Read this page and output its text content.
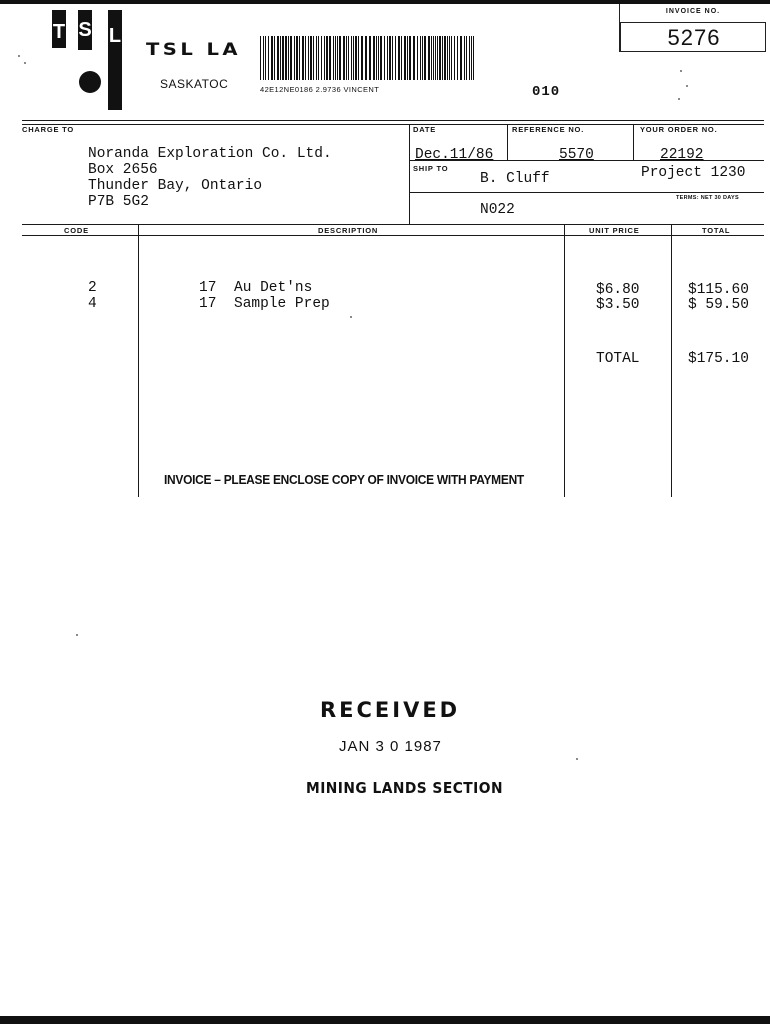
T S L
TSL LA
SASKATOC	42E12NE0186 2.9736 VINCENT	010
INVOICE NO.
5276
CHARGE TO	DATE	REFERENCE NO.	YOUR ORDER NO.
SHIP TO
TERMS: NET 30 DAYS
Noranda Exploration Co. Ltd.
Box 2656
Thunder Bay, Ontario
P7B 5G2
Dec.11/86	5570	22192
B. Cluff	Project 1230
N022
CODE	DESCRIPTION	UNIT PRICE	TOTAL
2	17 Au Det'ns	$6.80	$115.60
4	17 Sample Prep	$3.50	$ 59.50
TOTAL	$175.10
INVOICE – PLEASE ENCLOSE COPY OF INVOICE WITH PAYMENT
RECEIVED
JAN 3 0 1987
MINING LANDS SECTION
